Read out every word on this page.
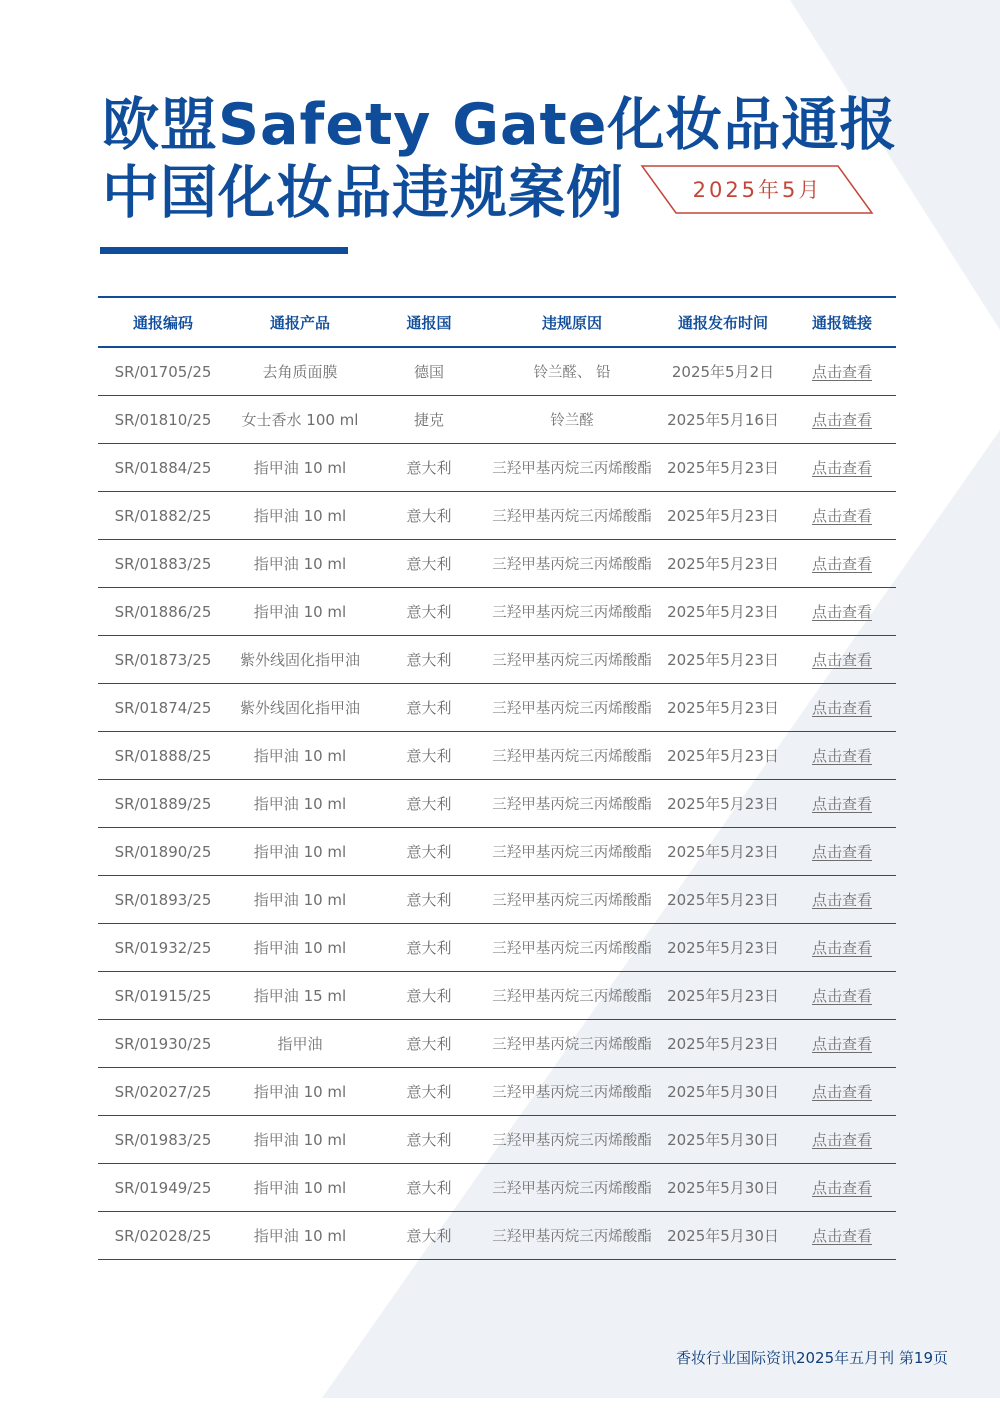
欧盟Safety Gate化妆品通报
中国化妆品违规案例	2025年5月
通报编码	通报产品	通报国	违规原因	通报发布时间	通报链接
SR/01705/25	去角质面膜	德国	铃兰醛、 铅	2025年5月2日	点击查看
SR/01810/25	女士香水 100 ml	捷克	铃兰醛	2025年5月16日	点击查看
SR/01884/25	指甲油 10 ml	意大利	三羟甲基丙烷三丙烯酸酯	2025年5月23日	点击查看
SR/01882/25	指甲油 10 ml	意大利	三羟甲基丙烷三丙烯酸酯	2025年5月23日	点击查看
SR/01883/25	指甲油 10 ml	意大利	三羟甲基丙烷三丙烯酸酯	2025年5月23日	点击查看
SR/01886/25	指甲油 10 ml	意大利	三羟甲基丙烷三丙烯酸酯	2025年5月23日	点击查看
SR/01873/25	紫外线固化指甲油	意大利	三羟甲基丙烷三丙烯酸酯	2025年5月23日	点击查看
SR/01874/25	紫外线固化指甲油	意大利	三羟甲基丙烷三丙烯酸酯	2025年5月23日	点击查看
SR/01888/25	指甲油 10 ml	意大利	三羟甲基丙烷三丙烯酸酯	2025年5月23日	点击查看
SR/01889/25	指甲油 10 ml	意大利	三羟甲基丙烷三丙烯酸酯	2025年5月23日	点击查看
SR/01890/25	指甲油 10 ml	意大利	三羟甲基丙烷三丙烯酸酯	2025年5月23日	点击查看
SR/01893/25	指甲油 10 ml	意大利	三羟甲基丙烷三丙烯酸酯	2025年5月23日	点击查看
SR/01932/25	指甲油 10 ml	意大利	三羟甲基丙烷三丙烯酸酯	2025年5月23日	点击查看
SR/01915/25	指甲油 15 ml	意大利	三羟甲基丙烷三丙烯酸酯	2025年5月23日	点击查看
SR/01930/25	指甲油	意大利	三羟甲基丙烷三丙烯酸酯	2025年5月23日	点击查看
SR/02027/25	指甲油 10 ml	意大利	三羟甲基丙烷三丙烯酸酯	2025年5月30日	点击查看
SR/01983/25	指甲油 10 ml	意大利	三羟甲基丙烷三丙烯酸酯	2025年5月30日	点击查看
SR/01949/25	指甲油 10 ml	意大利	三羟甲基丙烷三丙烯酸酯	2025年5月30日	点击查看
SR/02028/25	指甲油 10 ml	意大利	三羟甲基丙烷三丙烯酸酯	2025年5月30日	点击查看
香妆行业国际资讯2025年五月刊 第19页
